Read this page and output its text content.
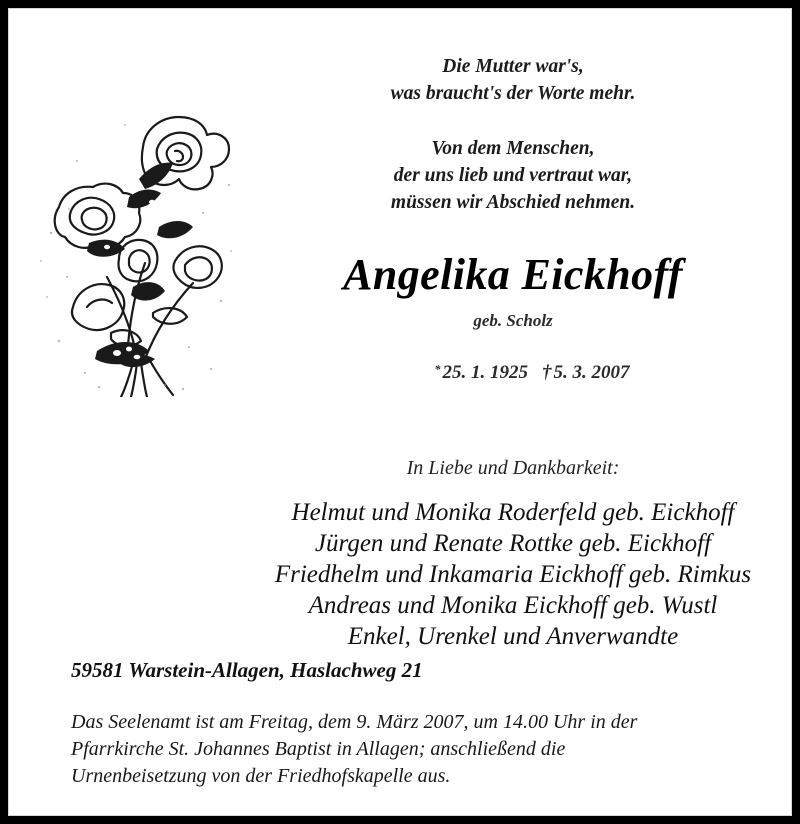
Die Mutter war's,
was braucht's der Worte mehr.
Von dem Menschen,
der uns lieb und vertraut war,
müssen wir Abschied nehmen.
Angelika Eickhoff
geb. Scholz

* 25. 1. 1925 † 5. 3. 2007

In Liebe und Dankbarkeit:
Helmut und Monika Roderfeld geb. Eickhoff
Jürgen und Renate Rottke geb. Eickhoff
Friedhelm und Inkamaria Eickhoff geb. Rimkus
Andreas und Monika Eickhoff geb. Wustl
Enkel, Urenkel und Anverwandte
59581 Warstein-Allagen, Haslachweg 21
Das Seelenamt ist am Freitag, dem 9. März 2007, um 14.00 Uhr in der
Pfarrkirche St. Johannes Baptist in Allagen; anschließend die
Urnenbeisetzung von der Friedhofskapelle aus.
